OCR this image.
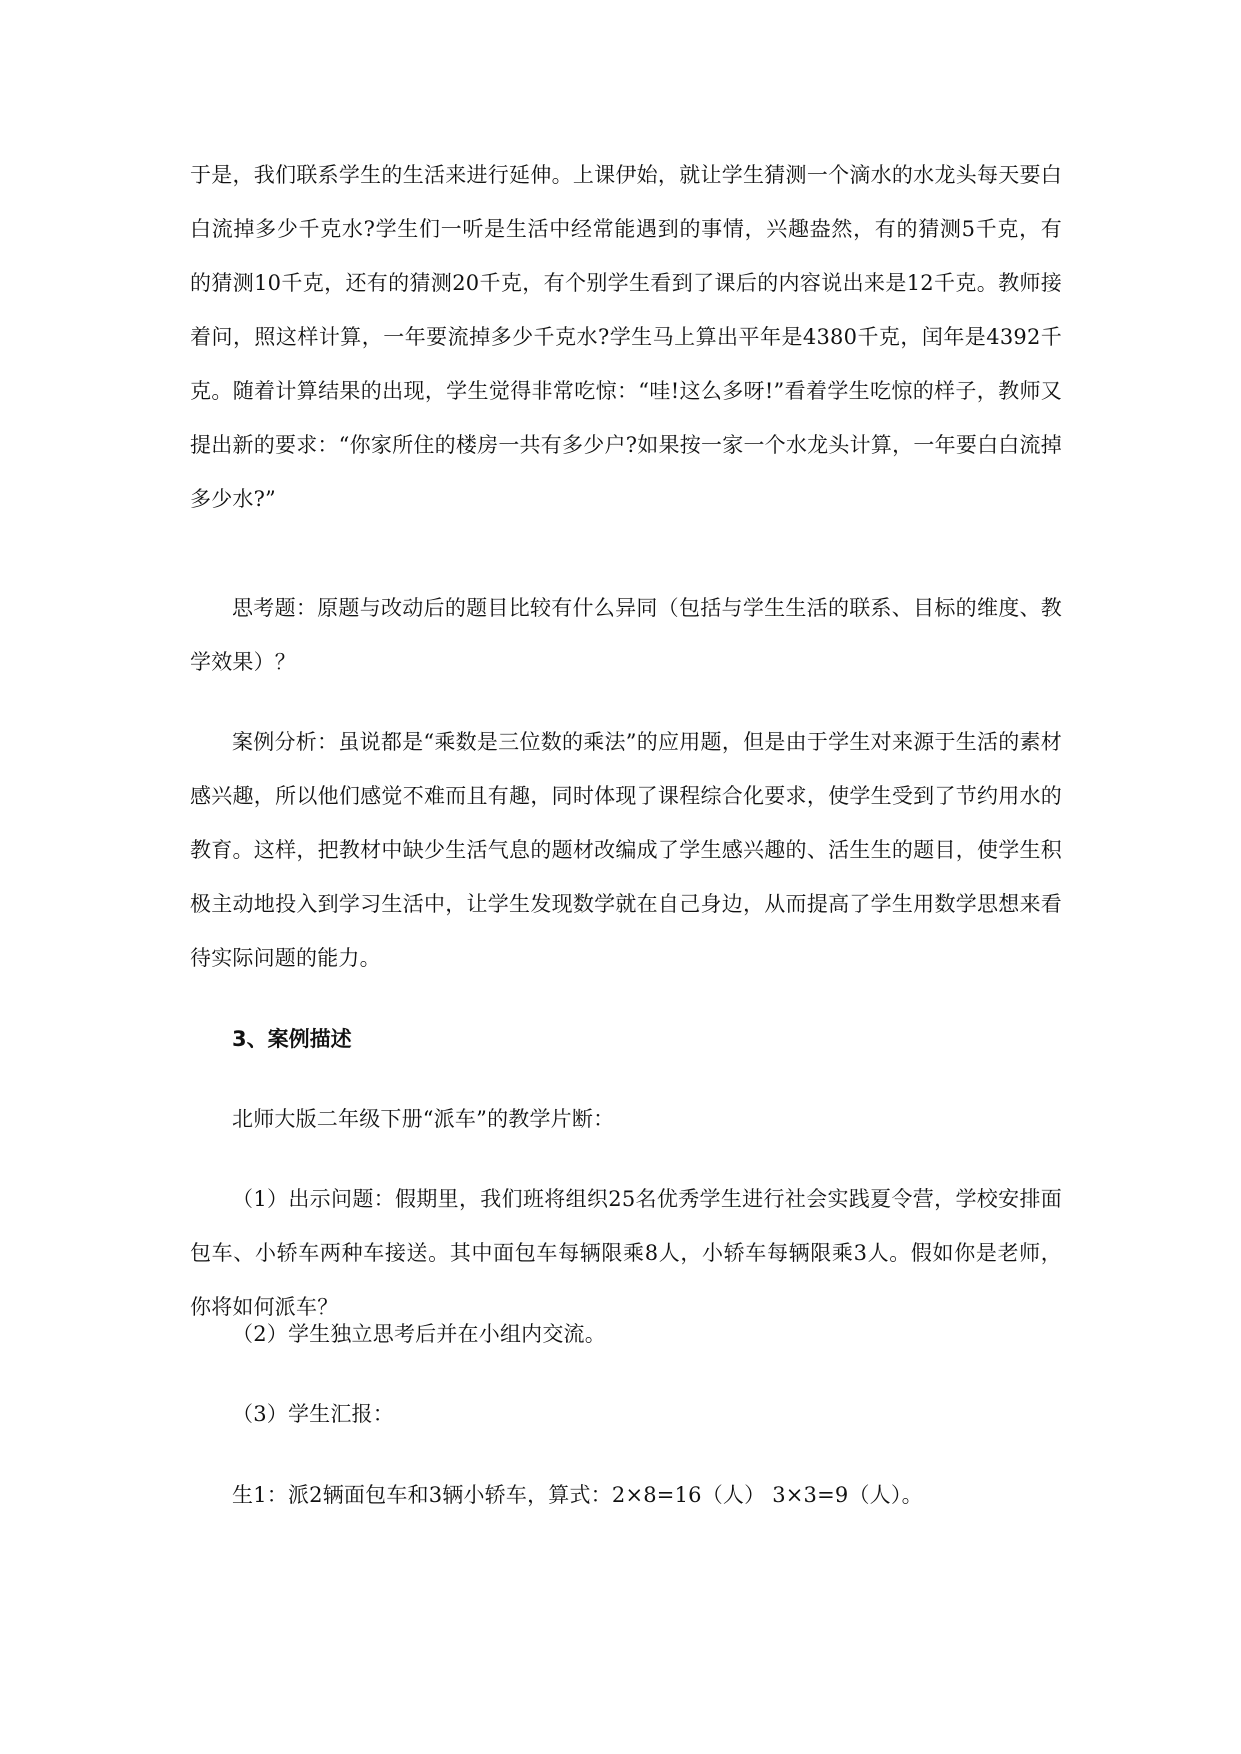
于是，我们联系学生的生活来进行延伸。上课伊始，就让学生猜测一个滴水的水龙头每天要白白流掉多少千克水?学生们一听是生活中经常能遇到的事情，兴趣盎然，有的猜测5千克，有的猜测10千克，还有的猜测20千克，有个别学生看到了课后的内容说出来是12千克。教师接着问，照这样计算，一年要流掉多少千克水?学生马上算出平年是4380千克，闰年是4392千克。随着计算结果的出现，学生觉得非常吃惊：“哇!这么多呀!”看着学生吃惊的样子，教师又提出新的要求：“你家所住的楼房一共有多少户?如果按一家一个水龙头计算，一年要白白流掉多少水?”

思考题：原题与改动后的题目比较有什么异同（包括与学生生活的联系、目标的维度、教学效果）？

案例分析：虽说都是“乘数是三位数的乘法”的应用题，但是由于学生对来源于生活的素材感兴趣，所以他们感觉不难而且有趣，同时体现了课程综合化要求，使学生受到了节约用水的教育。这样，把教材中缺少生活气息的题材改编成了学生感兴趣的、活生生的题目，使学生积极主动地投入到学习生活中，让学生发现数学就在自己身边，从而提高了学生用数学思想来看待实际问题的能力。

3、案例描述

北师大版二年级下册“派车”的教学片断：

（1）出示问题：假期里，我们班将组织25名优秀学生进行社会实践夏令营，学校安排面包车、小轿车两种车接送。其中面包车每辆限乘8人，小轿车每辆限乘3人。假如你是老师，你将如何派车？

（2）学生独立思考后并在小组内交流。

（3）学生汇报：

生1：派2辆面包车和3辆小轿车，算式：2×8=16（人） 3×3=9（人）。
